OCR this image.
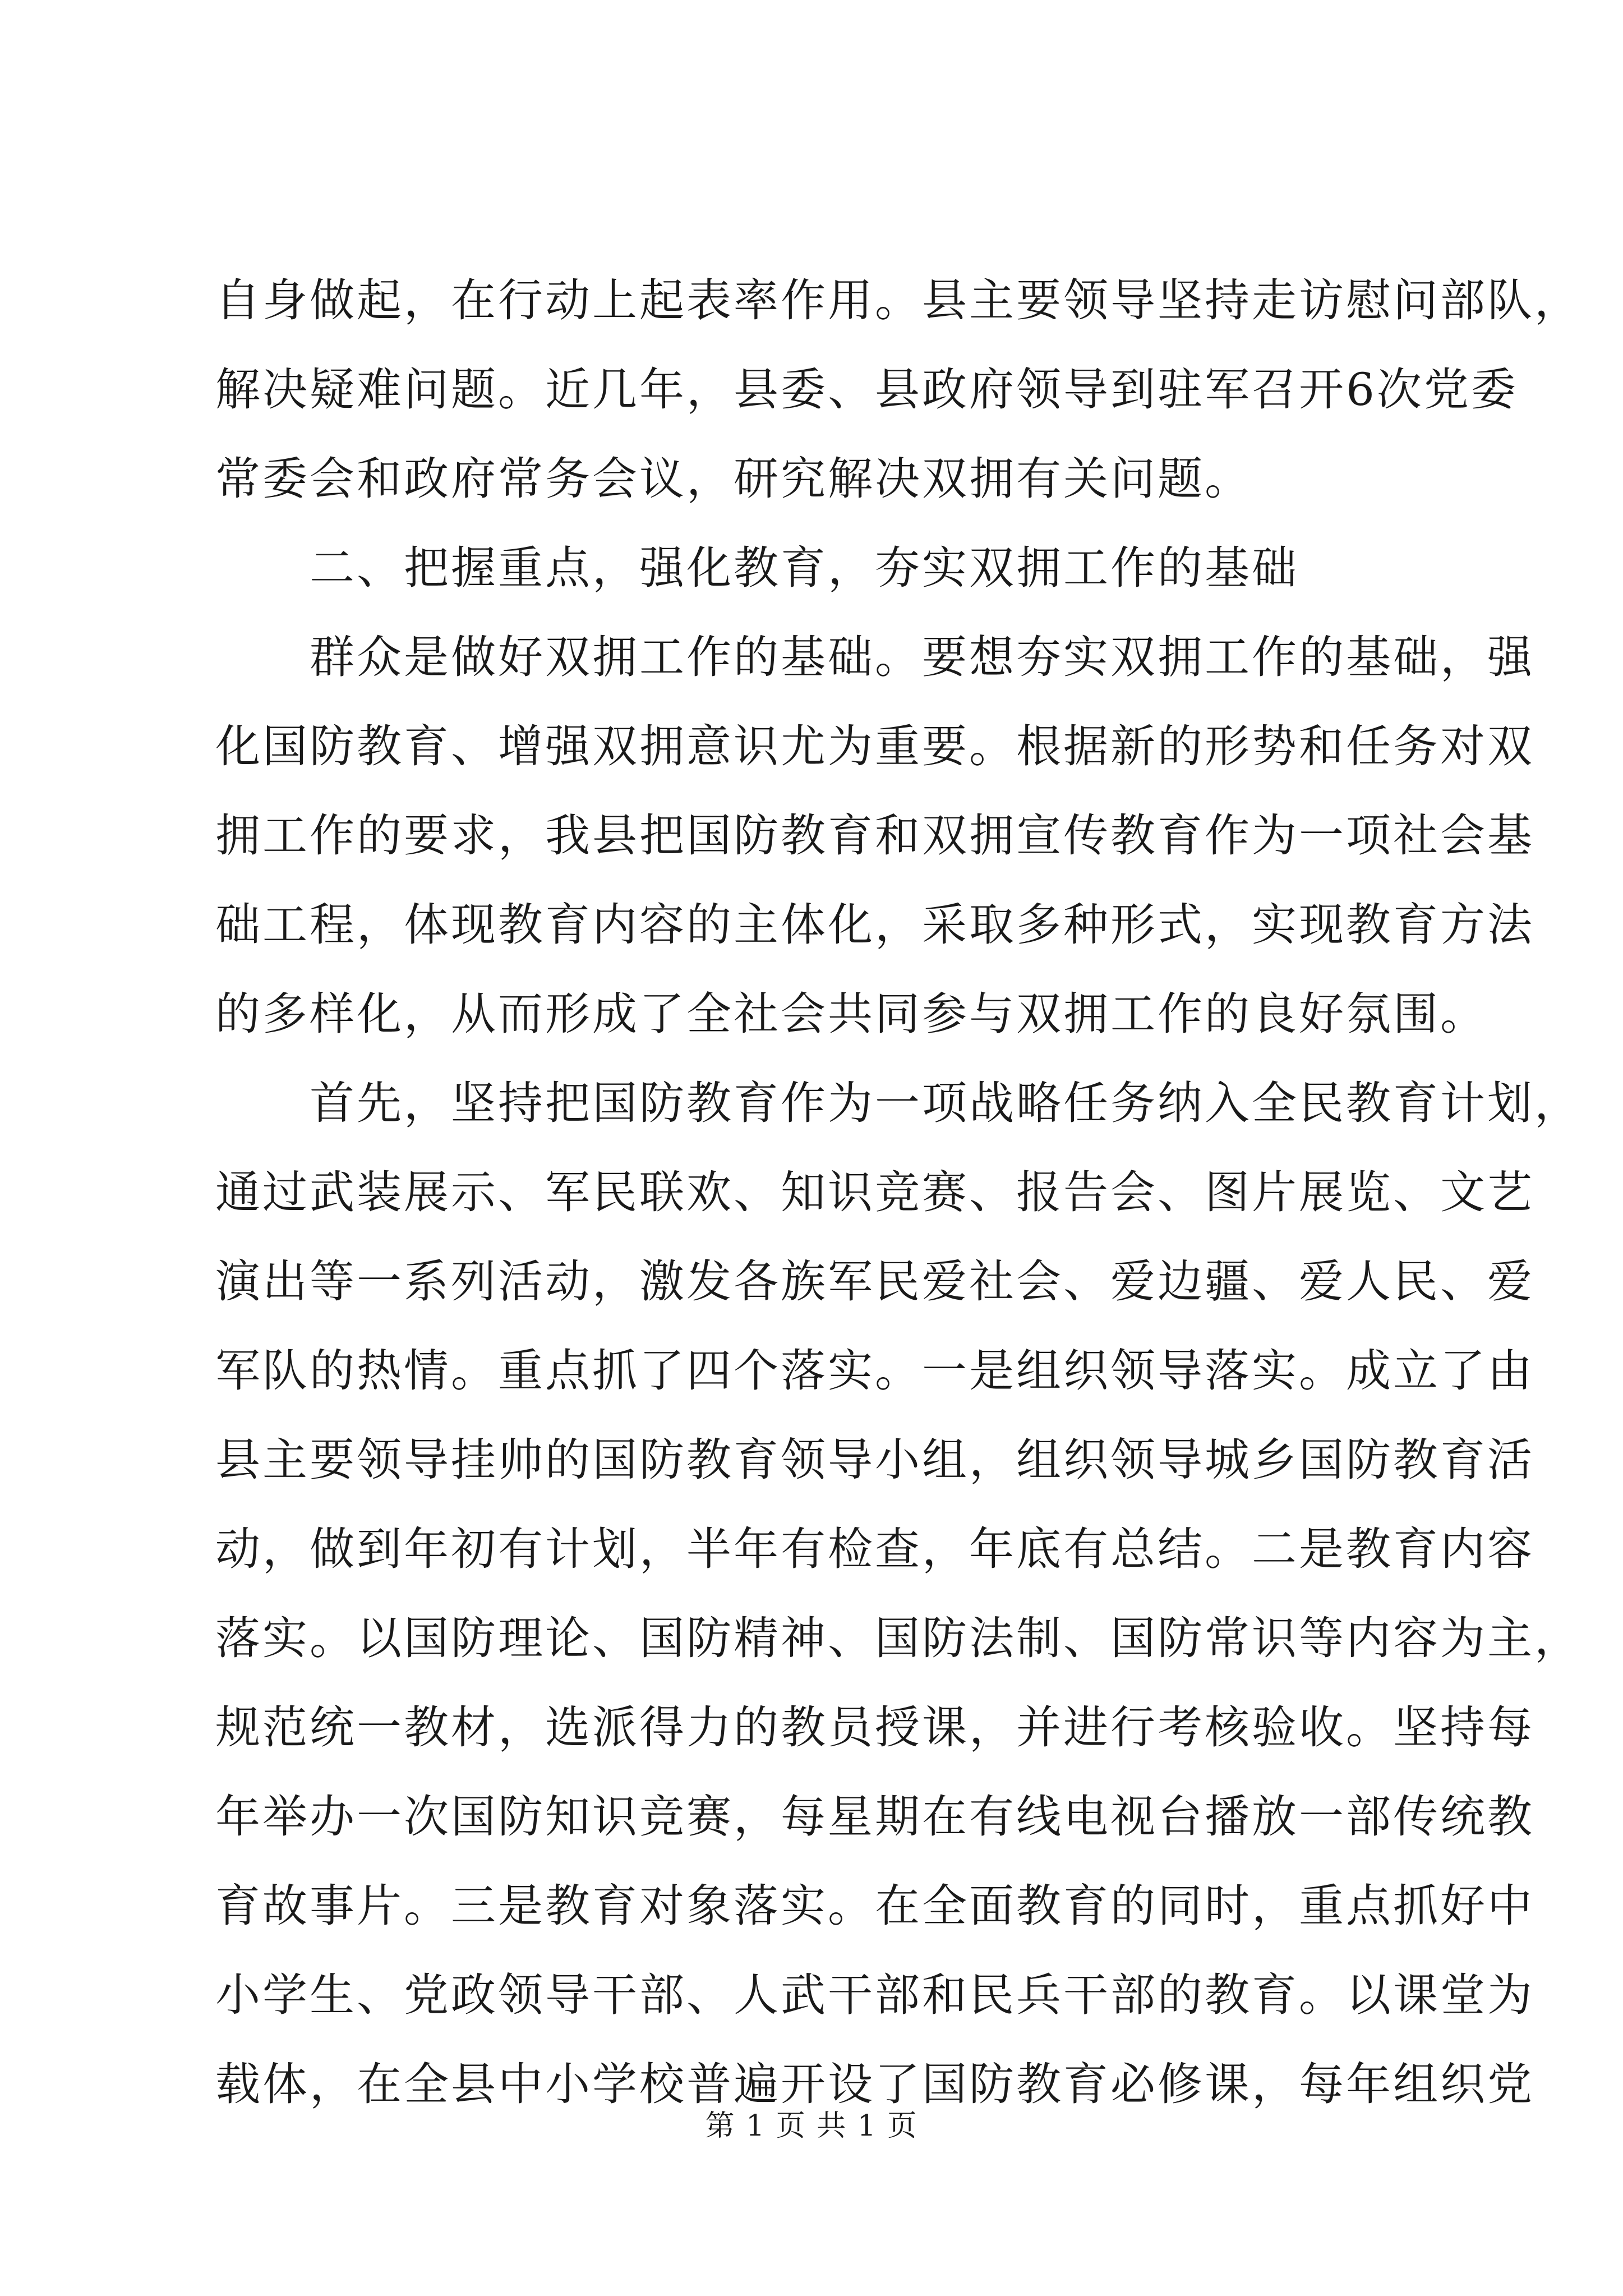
自身做起，在行动上起表率作用。县主要领导坚持走访慰问部队，
解决疑难问题。近几年，县委、县政府领导到驻军召开6次党委
常委会和政府常务会议，研究解决双拥有关问题。
二、把握重点，强化教育，夯实双拥工作的基础
群众是做好双拥工作的基础。要想夯实双拥工作的基础，强
化国防教育、增强双拥意识尤为重要。根据新的形势和任务对双
拥工作的要求，我县把国防教育和双拥宣传教育作为一项社会基
础工程，体现教育内容的主体化，采取多种形式，实现教育方法
的多样化，从而形成了全社会共同参与双拥工作的良好氛围。
首先，坚持把国防教育作为一项战略任务纳入全民教育计划，
通过武装展示、军民联欢、知识竞赛、报告会、图片展览、文艺
演出等一系列活动，激发各族军民爱社会、爱边疆、爱人民、爱
军队的热情。重点抓了四个落实。一是组织领导落实。成立了由
县主要领导挂帅的国防教育领导小组，组织领导城乡国防教育活
动，做到年初有计划，半年有检查，年底有总结。二是教育内容
落实。以国防理论、国防精神、国防法制、国防常识等内容为主，
规范统一教材，选派得力的教员授课，并进行考核验收。坚持每
年举办一次国防知识竞赛，每星期在有线电视台播放一部传统教
育故事片。三是教育对象落实。在全面教育的同时，重点抓好中
小学生、党政领导干部、人武干部和民兵干部的教育。以课堂为
载体，在全县中小学校普遍开设了国防教育必修课，每年组织党
第 1 页 共 1 页
